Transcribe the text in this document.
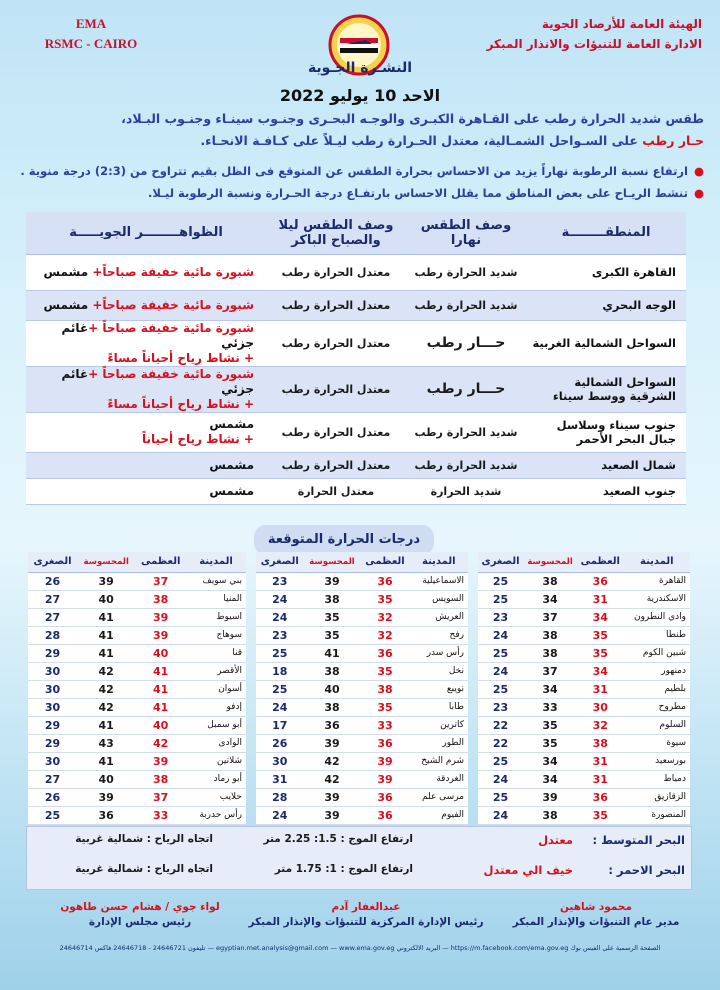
EMA
RSMC - CAIRO
الهيئة العامة للأرصاد الجوية
الادارة العامة للتنبؤات والانذار المبكر
النشـرة الجـوية
الاحد 10 يوليو 2022
طقس شديد الحرارة رطب على القـاهرة الكبـرى والوجـه البحـرى وجنـوب سينـاء وجنـوب البـلاد،
حـار رطب على السـواحل الشمـالية، معتدل الحـرارة رطب ليـلاً على كـافـة الانحـاء.
●ارتفاع نسبة الرطوبة نهاراً يزيد من الاحساس بحرارة الطقس عن المتوقع فى الظل بقيم تتراوح من (2:3) درجة منوية .
●تنشط الريـاح على بعض المناطق مما يقلل الاحساس بارتفـاع درجة الحـرارة ونسبة الرطوبة ليـلا.
المنطقــــــــة	وصف الطقس نهارا	وصف الطقس ليلا والصباح الباكر	الظواهــــــــر الجويـــــة
القاهرة الكبرى	شديد الحرارة رطب	معتدل الحرارة رطب	شبورة مائية خفيفة صباحاً+ مشمس
الوجه البحري	شديد الحرارة رطب	معتدل الحرارة رطب	شبورة مائية خفيفة صباحاً+ مشمس
السواحل الشمالية الغربية	حـــار رطب	معتدل الحرارة رطب	شبورة مائية خفيفة صباحاً +غائم جزئي
+ نشاط رياح أحياناً مساءً
السواحل الشمالية الشرقية ووسط سيناء	حـــار رطب	معتدل الحرارة رطب	شبورة مائية خفيفة صباحاً +غائم جزئي
+ نشاط رياح أحياناً مساءً
جنوب سيناء وسلاسل جبال البحر الأحمر	شديد الحرارة رطب	معتدل الحرارة رطب	مشمس
+ نشاط رياح أحياناً
شمال الصعيد	شديد الحرارة رطب	معتدل الحرارة رطب	مشمس
جنوب الصعيد	شديد الحرارة	معتدل الحرارة	مشمس
درجات الحرارة المتوقعة
المدينة	العظمى	المحسوسة	الصغرى
القاهرة	36	38	25
الاسكندرية	31	34	25
وادي النطرون	34	37	23
طنطا	35	38	24
شبين الكوم	35	38	25
دمنهور	34	37	24
بلطيم	31	34	25
مطروح	30	33	23
السلوم	32	35	22
سيوة	38	35	22
بورسعيد	31	34	25
دمياط	31	34	24
الزقازيق	36	39	25
المنصورة	35	38	24
المدينة	العظمى	المحسوسة	الصغرى
الاسماعيلية	36	39	23
السويس	35	38	24
العريش	32	35	24
رفح	32	35	23
رأس سدر	36	41	25
نخل	35	38	18
نويبع	38	40	25
طابا	35	38	24
كاترين	33	36	17
الطور	36	39	26
شرم الشيخ	39	42	30
الغردقة	39	42	31
مرسى علم	36	39	28
الفيوم	36	39	24
المدينة	العظمى	المحسوسة	الصغرى
بني سويف	37	39	26
المنيا	38	40	27
اسيوط	39	41	27
سوهاج	39	41	28
قنا	40	41	29
الأقصر	41	42	30
أسوان	41	42	30
إدفو	41	42	30
أبو سمبل	40	41	29
الوادى	42	43	29
شلاتين	39	41	30
أبو رماد	38	40	27
حلايب	37	39	26
رأس حدربة	33	36	25
البحر المتوسط :
معتدل
ارتفاع الموج : 1.5: 2.25 متر
اتجاه الرياح : شمالية غربية
البحر الاحمر :
خيف الي معتدل
ارتفاع الموج : 1: 1.75 متر
اتجاه الرياح : شمالية غربية
محمود شاهين
مدير عام التنبؤات والإنذار المبكر
عبدالغفار آدم
رئيس الإدارة المركزية للتنبؤات والإنذار المبكر
لواء جوي / هشام حسن طاهون
رئيس مجلس الإدارة
الصفحة الرسمية على الفيس بوك https://m.facebook.com/ema.gov.eg — البريد الالكتروني egyptian.met.analysis@gmail.com — www.ema.gov.eg — تليفون 24646721 - 24646718 فاكس 24646714
